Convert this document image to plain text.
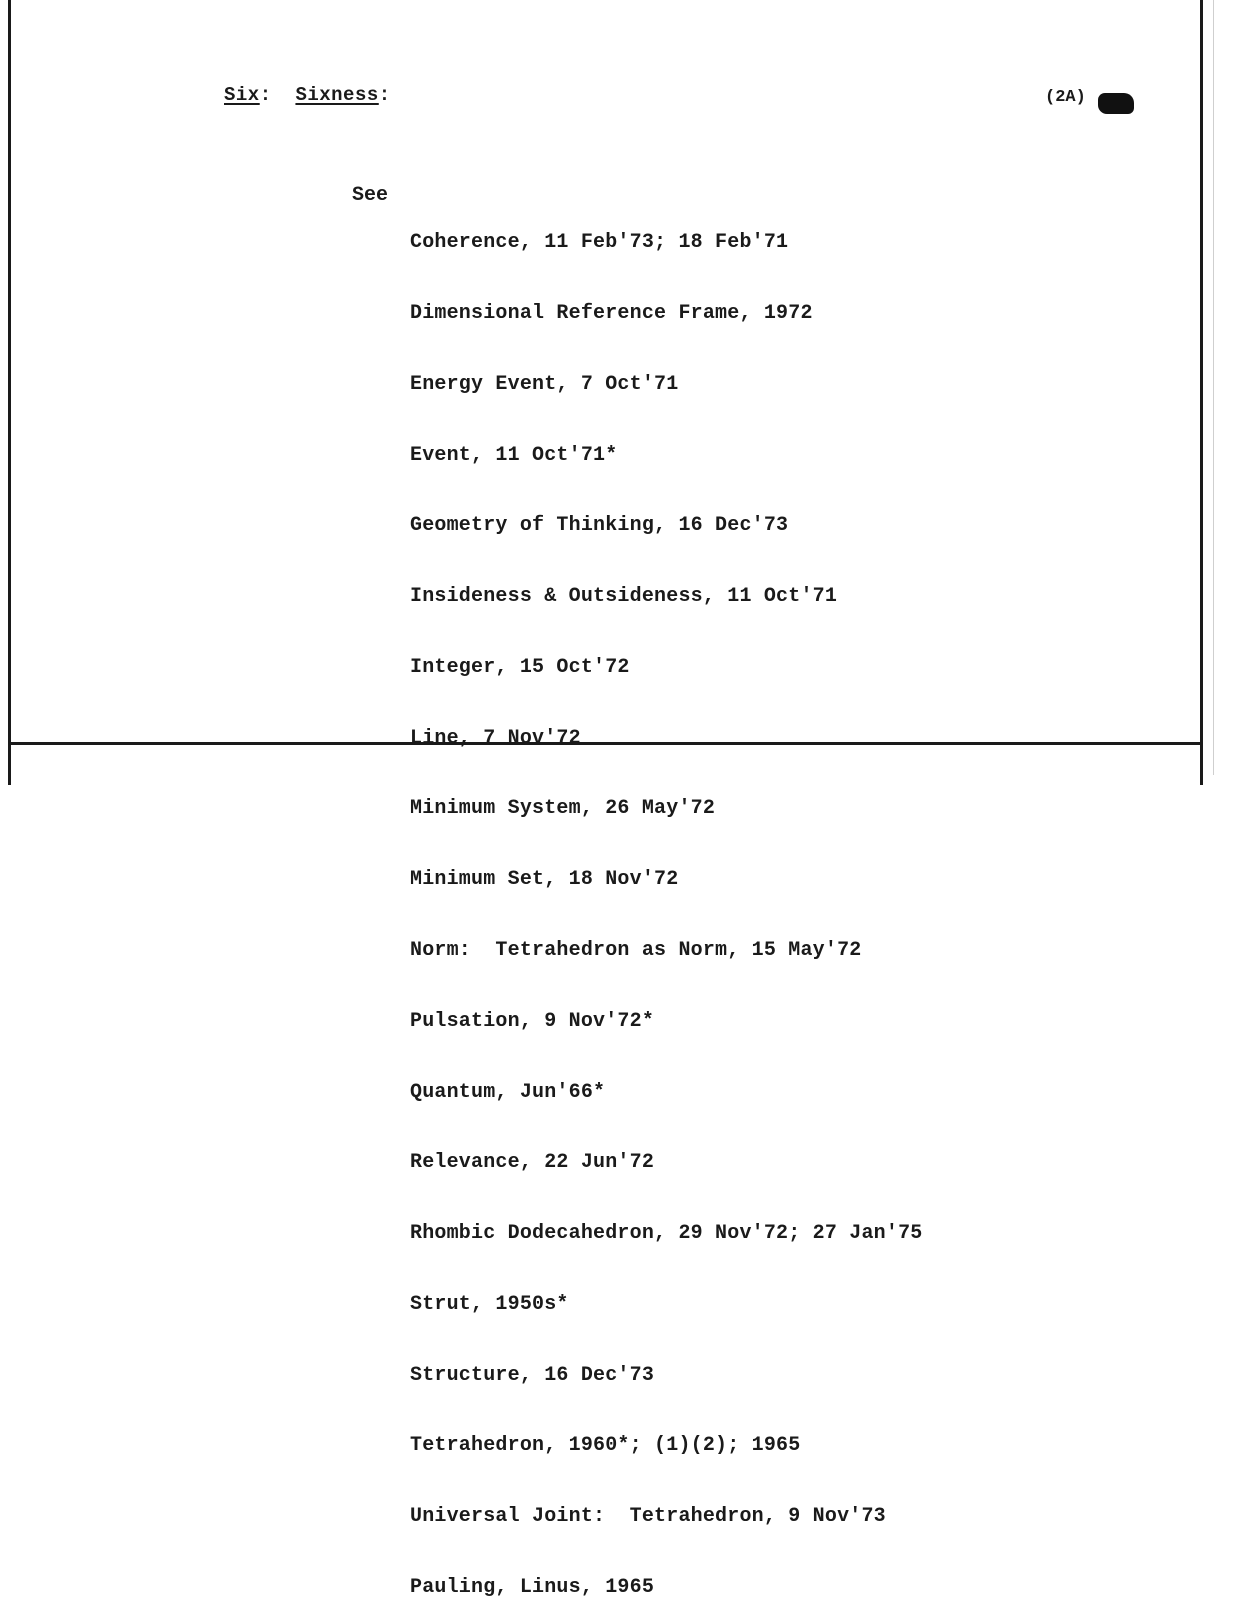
Six:  Sixness:	(2A)
See

Coherence, 11 Feb'73; 18 Feb'71

Dimensional Reference Frame, 1972

Energy Event, 7 Oct'71

Event, 11 Oct'71*

Geometry of Thinking, 16 Dec'73

Insideness & Outsideness, 11 Oct'71

Integer, 15 Oct'72

Line, 7 Nov'72

Minimum System, 26 May'72

Minimum Set, 18 Nov'72

Norm:  Tetrahedron as Norm, 15 May'72

Pulsation, 9 Nov'72*

Quantum, Jun'66*

Relevance, 22 Jun'72

Rhombic Dodecahedron, 29 Nov'72; 27 Jan'75

Strut, 1950s*

Structure, 16 Dec'73

Tetrahedron, 1960*; (1)(2); 1965

Universal Joint:  Tetrahedron, 9 Nov'73

Pauling, Linus, 1965
